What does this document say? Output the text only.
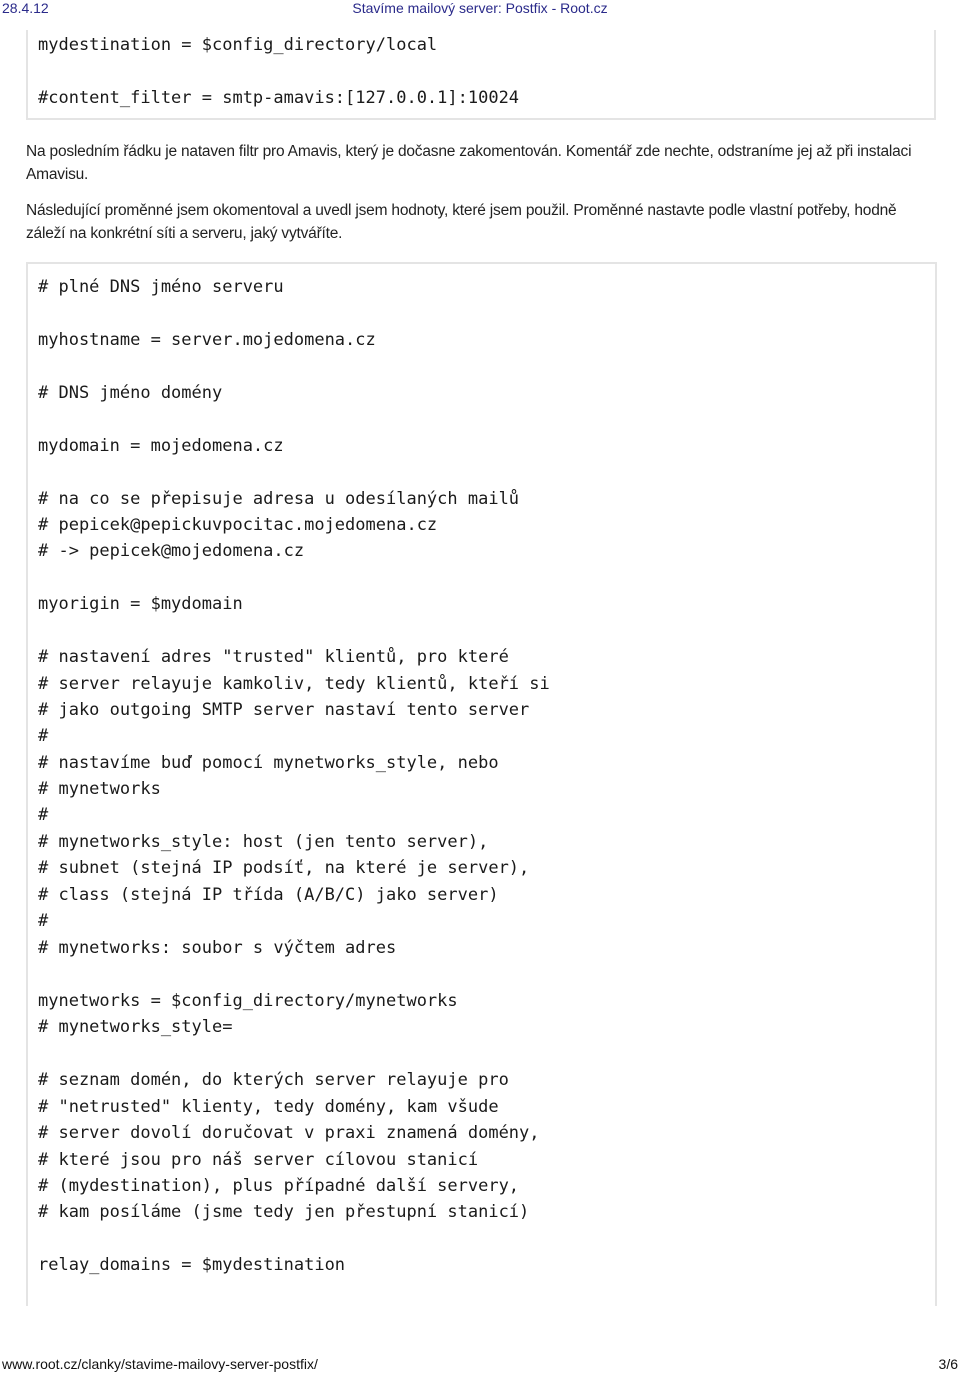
28.4.12	Stavíme mailový server: Postfix - Root.cz
mydestination = $config_directory/local
#content_filter = smtp-amavis:[127.0.0.1]:10024
Na posledním řádku je nataven filtr pro Amavis, který je dočasne zakomentován. Komentář zde nechte, odstraníme jej až při instalaci Amavisu.
Následující proměnné jsem okomentoval a uvedl jsem hodnoty, které jsem použil. Proměnné nastavte podle vlastní potřeby, hodně záleží na konkrétní síti a serveru, jaký vytváříte.
# plné DNS jméno serveru
myhostname = server.mojedomena.cz
# DNS jméno domény
mydomain = mojedomena.cz
# na co se přepisuje adresa u odesílaných mailů
# pepicek@pepickuvpocitac.mojedomena.cz
# -> pepicek@mojedomena.cz
myorigin = $mydomain
# nastavení adres "trusted" klientů, pro které
# server relayuje kamkoliv, tedy klientů, kteří si
# jako outgoing SMTP server nastaví tento server
#
# nastavíme buď pomocí mynetworks_style, nebo
# mynetworks
#
# mynetworks_style: host (jen tento server),
# subnet (stejná IP podsíť, na které je server),
# class (stejná IP třída (A/B/C) jako server)
#
# mynetworks: soubor s výčtem adres
mynetworks = $config_directory/mynetworks
# mynetworks_style=
# seznam domén, do kterých server relayuje pro
# "netrusted" klienty, tedy domény, kam všude
# server dovolí doručovat v praxi znamená domény,
# které jsou pro náš server cílovou stanicí
# (mydestination), plus případné další servery,
# kam posíláme (jsme tedy jen přestupní stanicí)
relay_domains = $mydestination
www.root.cz/clanky/stavime-mailovy-server-postfix/	3/6
